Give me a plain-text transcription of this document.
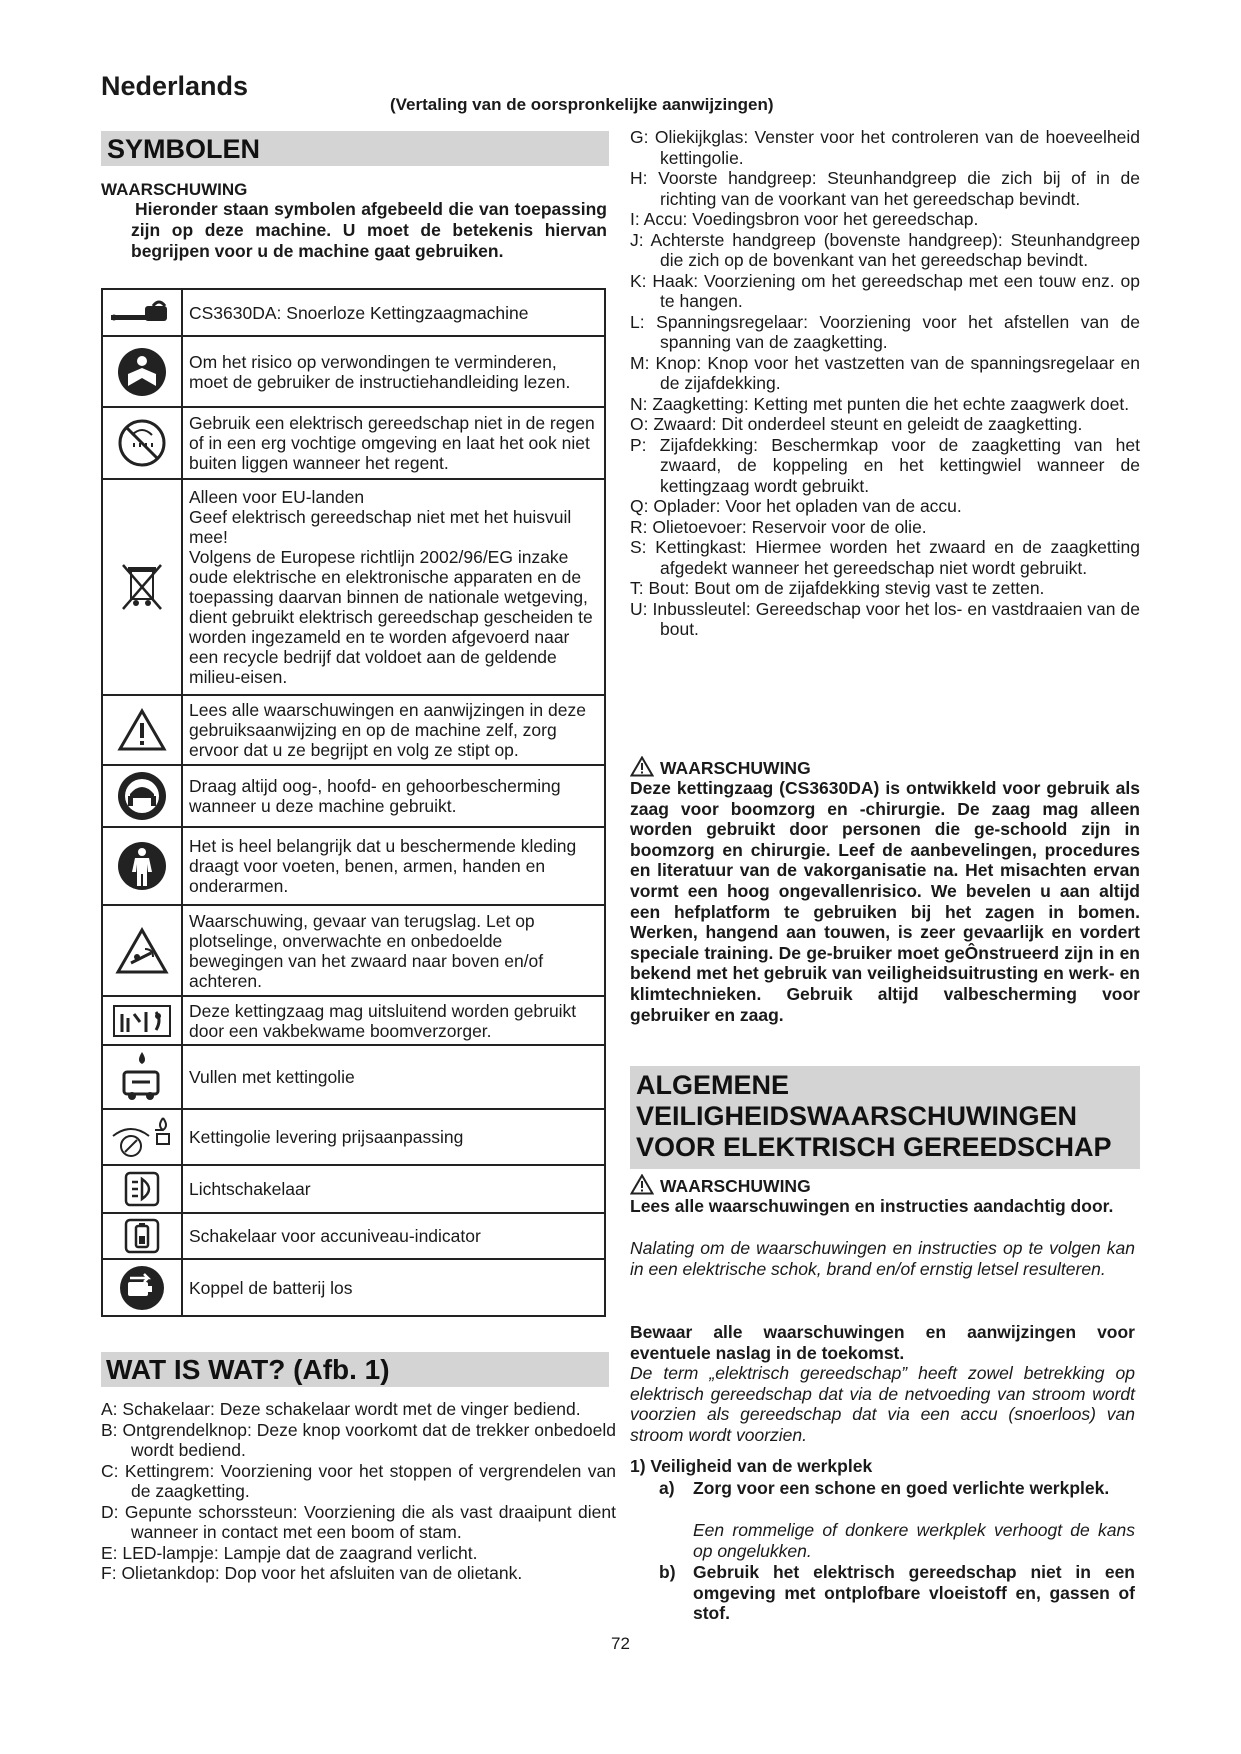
Nederlands
(Vertaling van de oorspronkelijke aanwijzingen)
SYMBOLEN
WAARSCHUWING
Hieronder staan symbolen afgebeeld die van toepassing zijn op deze machine. U moet de betekenis hiervan begrijpen voor u de machine gaat gebruiken.
	CS3630DA: Snoerloze Kettingzaagmachine

	Om het risico op verwondingen te verminderen, moet de gebruiker de instructiehandleiding lezen.

	Gebruik een elektrisch gereedschap niet in de regen of in een erg vochtige omgeving en laat het ook niet buiten liggen wanneer het regent.

	Alleen voor EU-landen
Geef elektrisch gereedschap niet met het huisvuil mee!
Volgens de Europese richtlijn 2002/96/EG inzake oude elektrische en elektronische apparaten en de toepassing daarvan binnen de nationale wetgeving, dient gebruikt elektrisch gereedschap gescheiden te worden ingezameld en te worden afgevoerd naar een recycle bedrijf dat voldoet aan de geldende milieu-eisen.

	Lees alle waarschuwingen en aanwijzingen in deze gebruiksaanwijzing en op de machine zelf, zorg ervoor dat u ze begrijpt en volg ze stipt op.

	Draag altijd oog-, hoofd- en gehoorbescherming wanneer u deze machine gebruikt.

	Het is heel belangrijk dat u beschermende kleding draagt voor voeten, benen, armen, handen en onderarmen.

	Waarschuwing, gevaar van terugslag. Let op plotselinge, onverwachte en onbedoelde bewegingen van het zwaard naar boven en/of achteren.

	Deze kettingzaag mag uitsluitend worden gebruikt door een vakbekwame boomverzorger.

	Vullen met kettingolie

	Kettingolie levering prijsaanpassing

	Lichtschakelaar

	Schakelaar voor accuniveau-indicator

	Koppel de batterij los
WAT IS WAT? (Afb. 1)
A: Schakelaar: Deze schakelaar wordt met de vinger bediend.
B: Ontgrendelknop: Deze knop voorkomt dat de trekker onbedoeld wordt bediend.
C: Kettingrem: Voorziening voor het stoppen of vergrendelen van de zaagketting.
D: Gepunte schorssteun: Voorziening die als vast draaipunt dient wanneer in contact met een boom of stam.
E: LED-lampje: Lampje dat de zaagrand verlicht.
F: Olietankdop: Dop voor het afsluiten van de olietank.
G: Oliekijkglas: Venster voor het controleren van de hoeveelheid kettingolie.
H: Voorste handgreep: Steunhandgreep die zich bij of in de richting van de voorkant van het gereedschap bevindt.
I: Accu: Voedingsbron voor het gereedschap.
J: Achterste handgreep (bovenste handgreep): Steunhandgreep die zich op de bovenkant van het gereedschap bevindt.
K: Haak: Voorziening om het gereedschap met een touw enz. op te hangen.
L: Spanningsregelaar: Voorziening voor het afstellen van de spanning van de zaagketting.
M: Knop: Knop voor het vastzetten van de spanningsregelaar en de zijafdekking.
N: Zaagketting: Ketting met punten die het echte zaagwerk doet.
O: Zwaard: Dit onderdeel steunt en geleidt de zaagketting.
P: Zijafdekking: Beschermkap voor de zaagketting van het zwaard, de koppeling en het kettingwiel wanneer de kettingzaag wordt gebruikt.
Q: Oplader: Voor het opladen van de accu.
R: Olietoevoer: Reservoir voor de olie.
S: Kettingkast: Hiermee worden het zwaard en de zaagketting afgedekt wanneer het gereedschap niet wordt gebruikt.
T: Bout: Bout om de zijafdekking stevig vast te zetten.
U: Inbussleutel: Gereedschap voor het los- en vastdraaien van de bout.
WAARSCHUWING
Deze kettingzaag (CS3630DA) is ontwikkeld voor gebruik als zaag voor boomzorg en -chirurgie. De zaag mag alleen worden gebruikt door personen die ge-schoold zijn in boomzorg en chirurgie. Leef de aanbevelingen, procedures en literatuur van de vakorganisatie na. Het misachten ervan vormt een hoog ongevallenrisico. We bevelen u aan altijd een hefplatform te gebruiken bij het zagen in bomen. Werken, hangend aan touwen, is zeer gevaarlijk en vordert speciale training. De ge-bruiker moet geÔnstrueerd zijn in en bekend met het gebruik van veiligheidsuitrusting en werk- en klimtechnieken. Gebruik altijd valbescherming voor gebruiker en zaag.
ALGEMENE
VEILIGHEIDSWAARSCHUWINGEN
VOOR ELEKTRISCH GEREEDSCHAP
WAARSCHUWING
Lees alle waarschuwingen en instructies aandachtig door.
Nalating om de waarschuwingen en instructies op te volgen kan in een elektrische schok, brand en/of ernstig letsel resulteren.
Bewaar alle waarschuwingen en aanwijzingen voor eventuele naslag in de toekomst.
De term „elektrisch gereedschap” heeft zowel betrekking op elektrisch gereedschap dat via de netvoeding van stroom wordt voorzien als gereedschap dat via een accu (snoerloos) van stroom wordt voorzien.
1) Veiligheid van de werkplek
a) Zorg voor een schone en goed verlichte werkplek.
Een rommelige of donkere werkplek verhoogt de kans op ongelukken.
b) Gebruik het elektrisch gereedschap niet in een omgeving met ontplofbare vloeistoff en, gassen of stof.
72
